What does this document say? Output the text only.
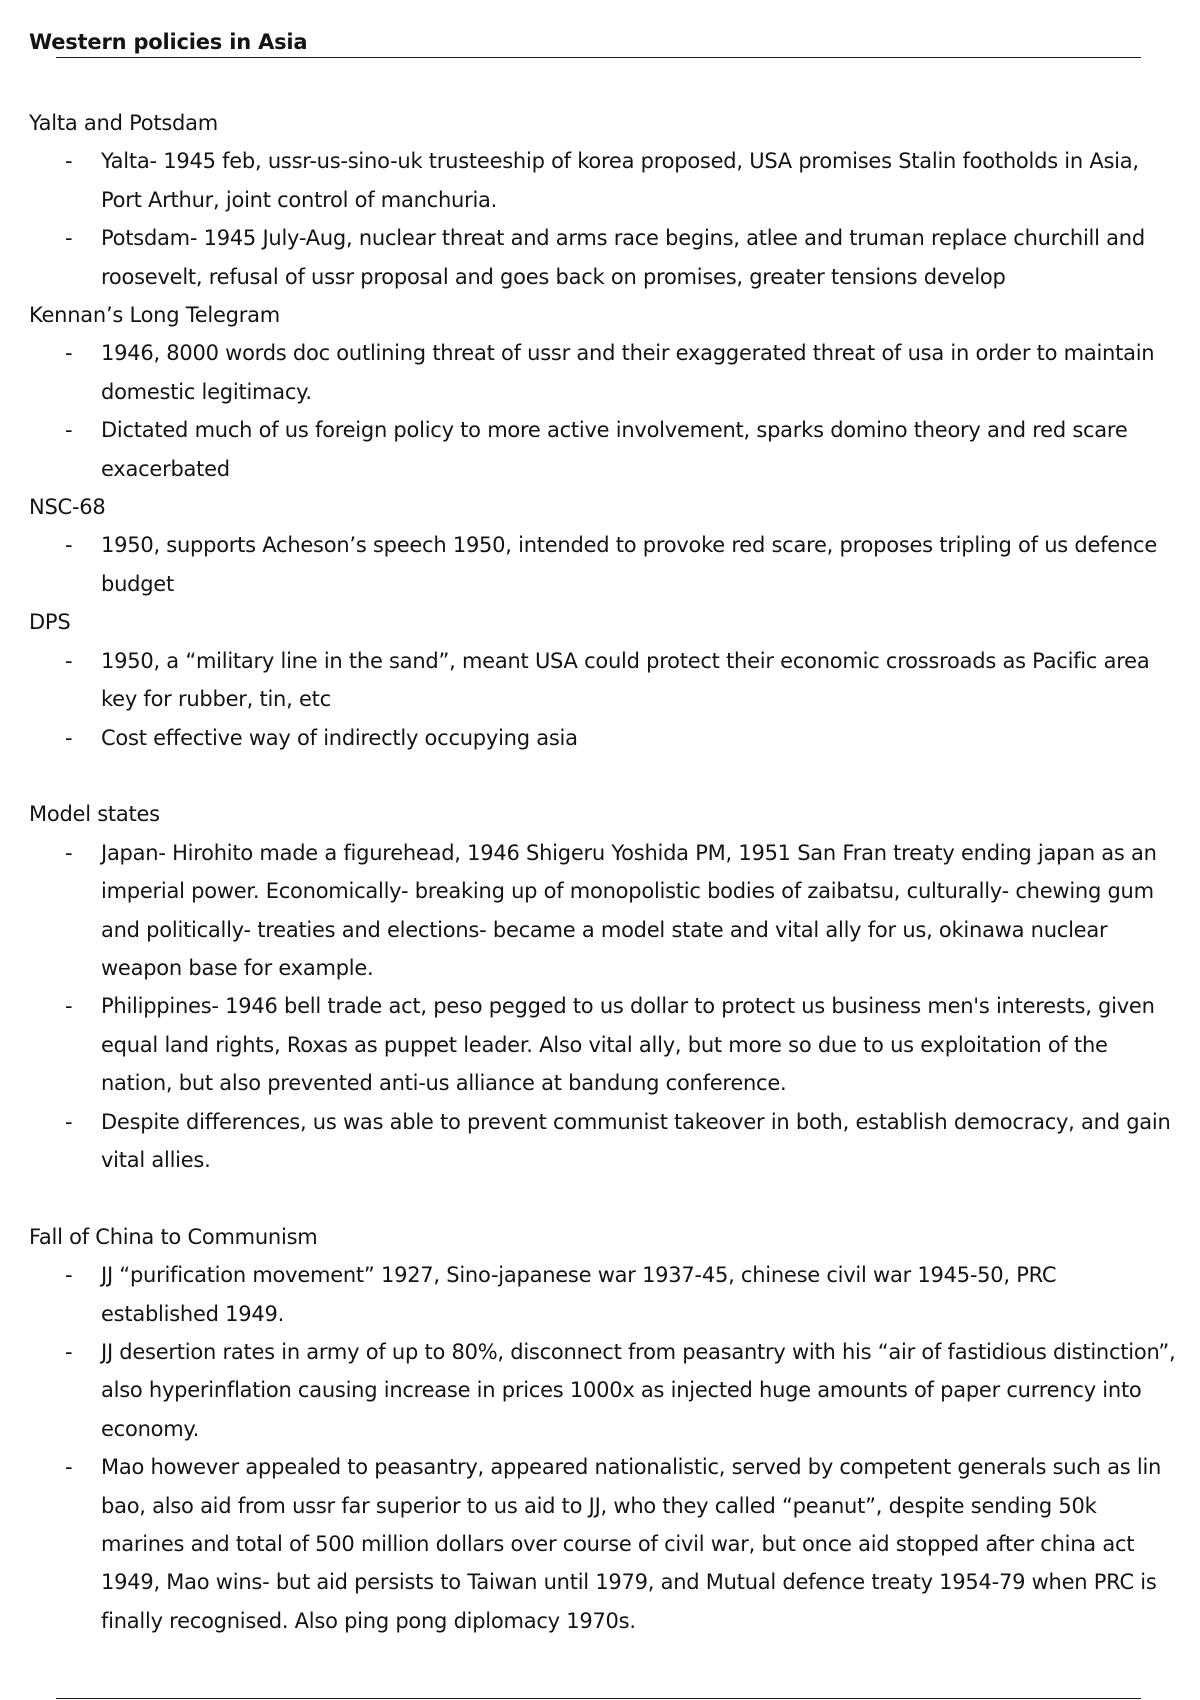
Western policies in Asia
Yalta and Potsdam
- Yalta- 1945 feb, ussr-us-sino-uk trusteeship of korea proposed, USA promises Stalin footholds in Asia, Port Arthur, joint control of manchuria.
- Potsdam- 1945 July-Aug, nuclear threat and arms race begins, atlee and truman replace churchill and roosevelt, refusal of ussr proposal and goes back on promises, greater tensions develop
Kennan’s Long Telegram
- 1946, 8000 words doc outlining threat of ussr and their exaggerated threat of usa in order to maintain domestic legitimacy.
- Dictated much of us foreign policy to more active involvement, sparks domino theory and red scare exacerbated
NSC-68
- 1950, supports Acheson’s speech 1950, intended to provoke red scare, proposes tripling of us defence budget
DPS
- 1950, a “military line in the sand”, meant USA could protect their economic crossroads as Pacific area key for rubber, tin, etc
- Cost effective way of indirectly occupying asia
Model states
- Japan- Hirohito made a figurehead, 1946 Shigeru Yoshida PM, 1951 San Fran treaty ending japan as an imperial power. Economically- breaking up of monopolistic bodies of zaibatsu, culturally- chewing gum and politically- treaties and elections- became a model state and vital ally for us, okinawa nuclear weapon base for example.
- Philippines- 1946 bell trade act, peso pegged to us dollar to protect us business men's interests, given equal land rights, Roxas as puppet leader. Also vital ally, but more so due to us exploitation of the nation, but also prevented anti-us alliance at bandung conference.
- Despite differences, us was able to prevent communist takeover in both, establish democracy, and gain vital allies.
Fall of China to Communism
- JJ “purification movement” 1927, Sino-japanese war 1937-45, chinese civil war 1945-50, PRC established 1949.
- JJ desertion rates in army of up to 80%, disconnect from peasantry with his “air of fastidious distinction”, also hyperinflation causing increase in prices 1000x as injected huge amounts of paper currency into economy.
- Mao however appealed to peasantry, appeared nationalistic, served by competent generals such as lin bao, also aid from ussr far superior to us aid to JJ, who they called “peanut”, despite sending 50k marines and total of 500 million dollars over course of civil war, but once aid stopped after china act 1949, Mao wins- but aid persists to Taiwan until 1979, and Mutual defence treaty 1954-79 when PRC is finally recognised. Also ping pong diplomacy 1970s.
